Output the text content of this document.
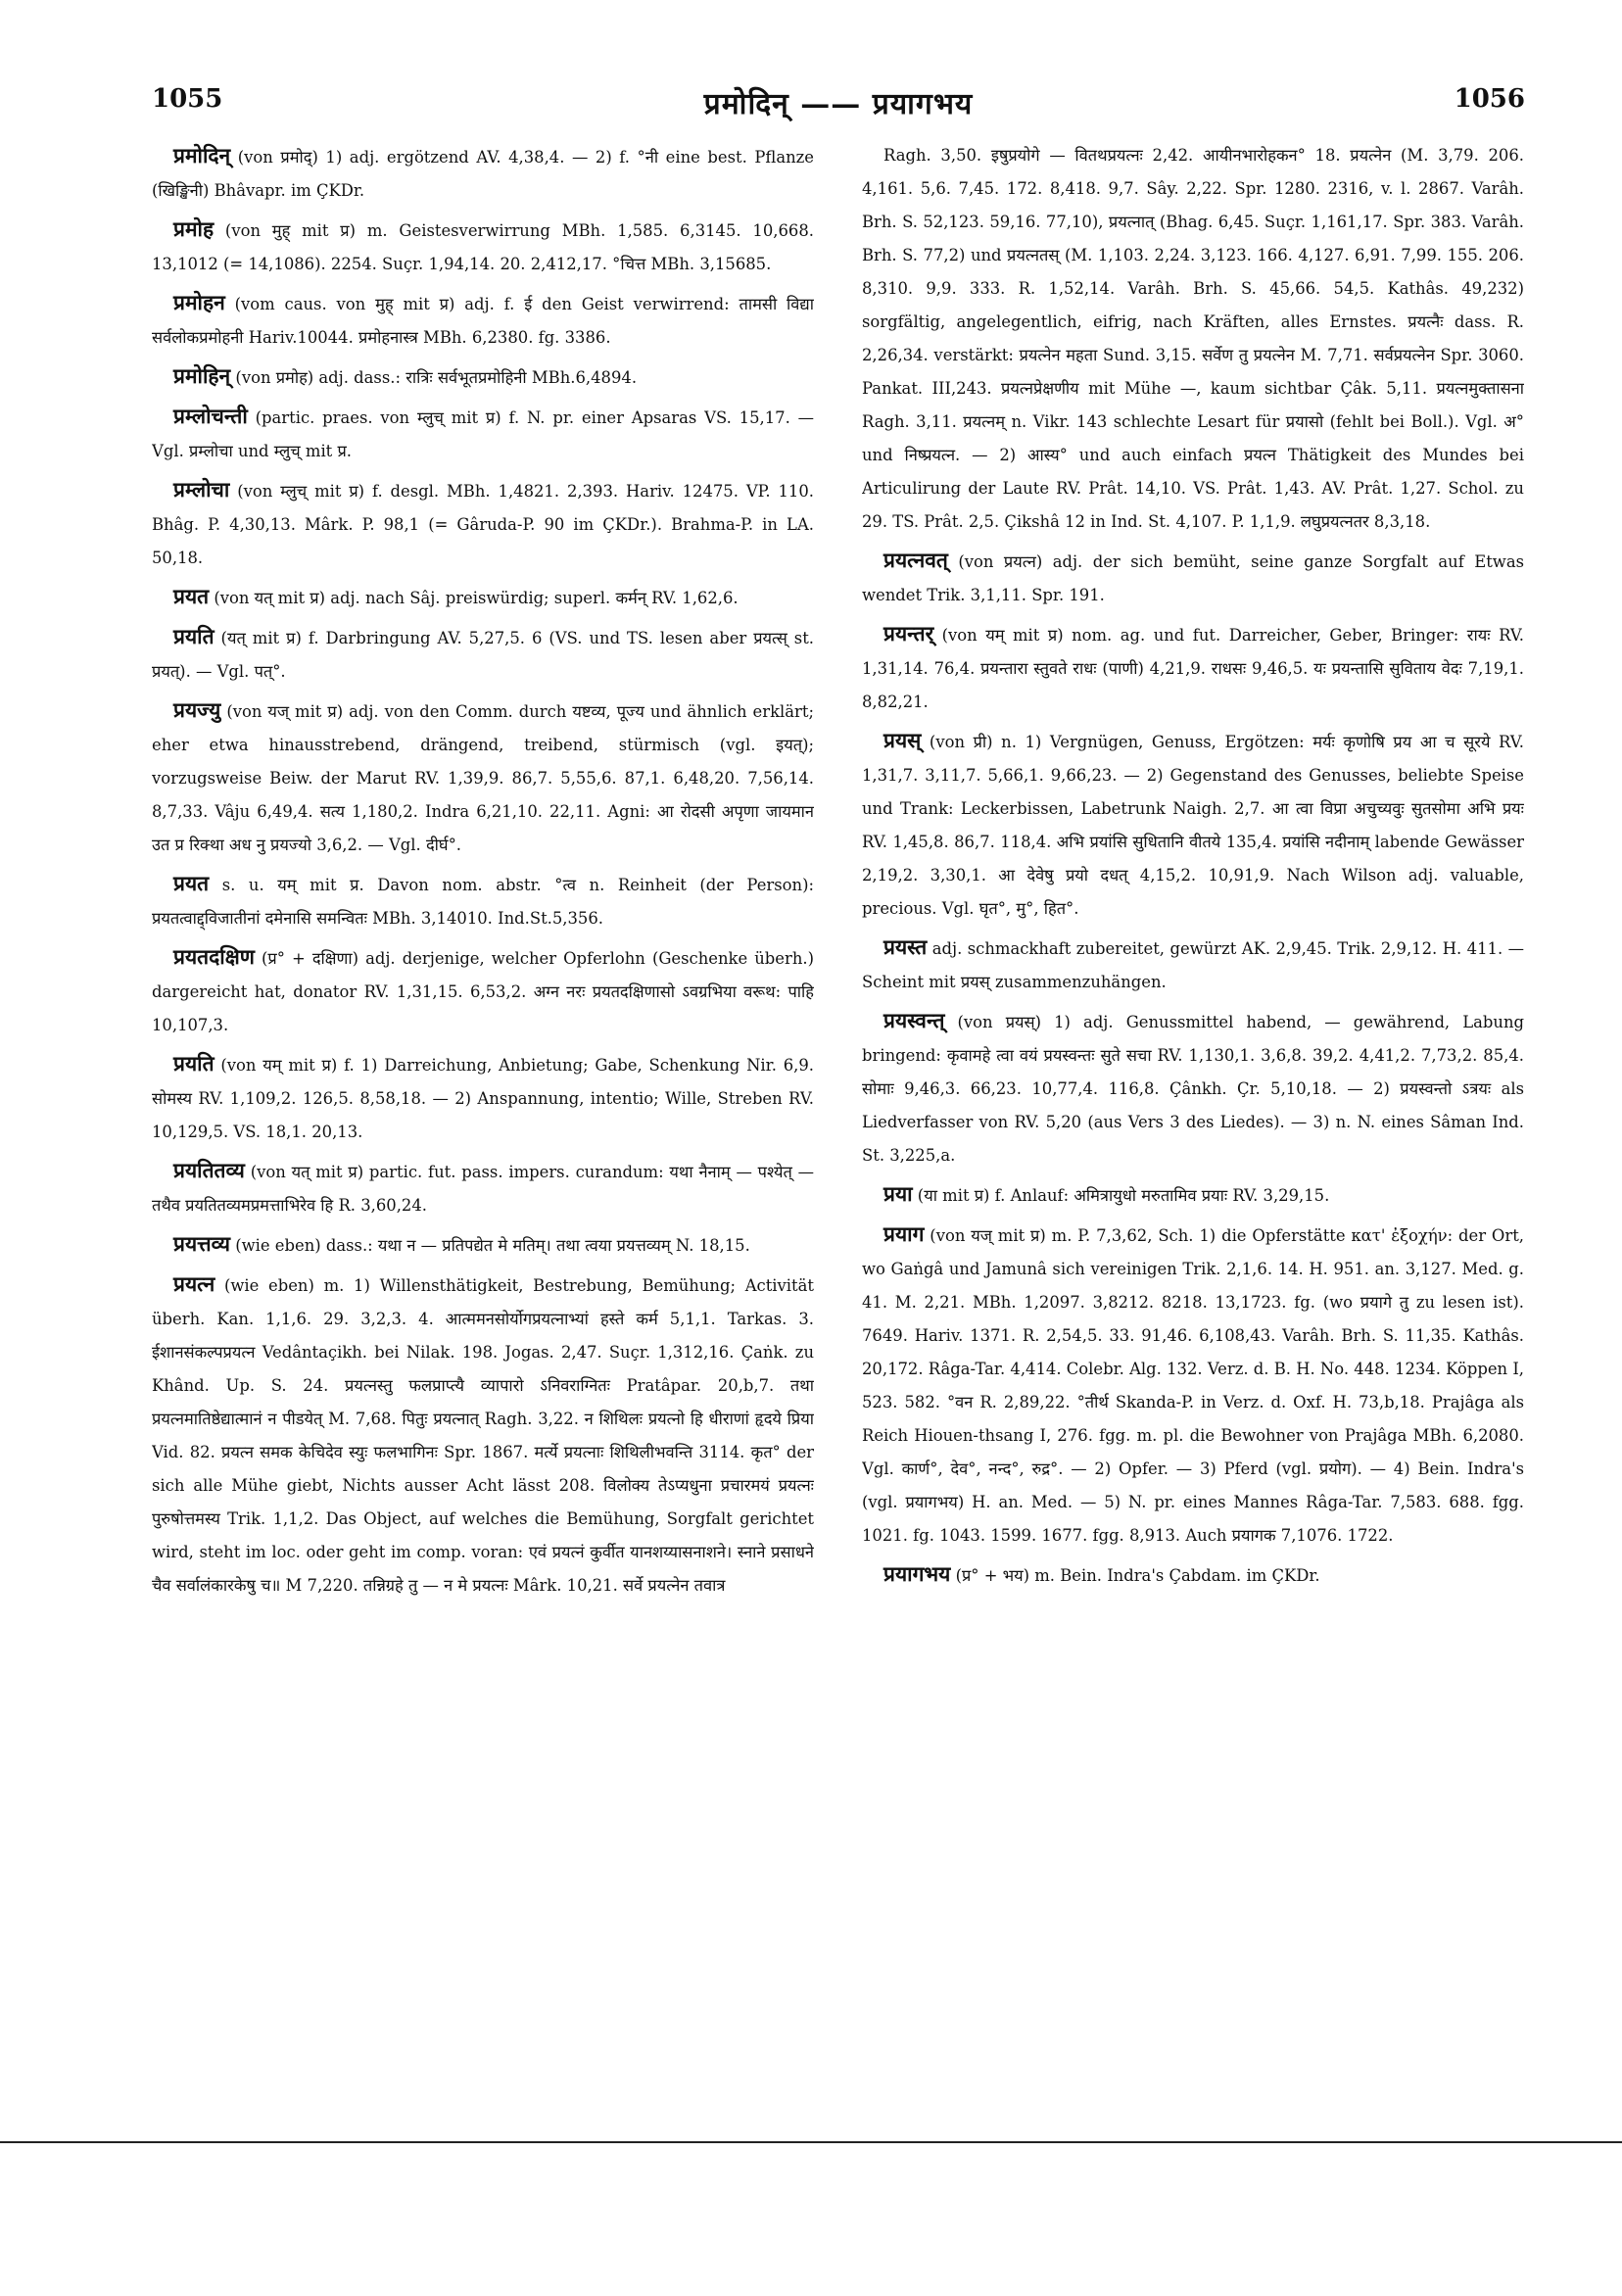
1055	प्रमोदिन् —— प्रयागभय	1056

प्रमोदिन् (von प्रमोद्) 1) adj. ergötzend AV. 4,38,4. — 2) f. °नी eine best. Pflanze (खिङ्खिनी) Bhâvapr. im ÇKDr.

प्रमोह (von मुह् mit प्र) m. Geistesverwirrung MBh. 1,585. 6,3145. 10,668. 13,1012 (= 14,1086). 2254. Suçr. 1,94,14. 20. 2,412,17. °चित्त MBh. 3,15685.

प्रमोहन (vom caus. von मुह् mit प्र) adj. f. ई den Geist verwirrend: तामसी विद्या सर्वलोकप्रमोहनी Hariv.10044. प्रमोहनास्त्र MBh. 6,2380. fg. 3386.

प्रमोहिन् (von प्रमोह) adj. dass.: रात्रिः सर्वभूतप्रमोहिनी MBh.6,4894.

प्रम्लोचन्ती (partic. praes. von म्लुच् mit प्र) f. N. pr. einer Apsaras VS. 15,17. — Vgl. प्रम्लोचा und म्लुच् mit प्र.

प्रम्लोचा (von म्लुच् mit प्र) f. desgl. MBh. 1,4821. 2,393. Hariv. 12475. VP. 110. Bhâg. P. 4,30,13. Mârk. P. 98,1 (= Gâruda-P. 90 im ÇKDr.). Brahma-P. in LA. 50,18.

प्रयत (von यत् mit प्र) adj. nach Sâj. preiswürdig; superl. कर्मन् RV. 1,62,6.

प्रयति (यत् mit प्र) f. Darbringung AV. 5,27,5. 6 (VS. und TS. lesen aber प्रयत्स् st. प्रयत्). — Vgl. पत्°.

प्रयज्यु (von यज् mit प्र) adj. von den Comm. durch यष्टव्य, पूज्य und ähnlich erklärt; eher etwa hinausstrebend, drängend, treibend, stürmisch (vgl. इयत्); vorzugsweise Beiw. der Marut RV. 1,39,9. 86,7. 5,55,6. 87,1. 6,48,20. 7,56,14. 8,7,33. Vâju 6,49,4. सत्य 1,180,2. Indra 6,21,10. 22,11. Agni: आ रोदसी अपृणा जायमान उत प्र रिक्था अध नु प्रयज्यो 3,6,2. — Vgl. दीर्घ°.

प्रयत s. u. यम् mit प्र. Davon nom. abstr. °त्व n. Reinheit (der Person): प्रयतत्वाद्द्विजातीनां दमेनासि समन्वितः MBh. 3,14010. Ind.St.5,356.

प्रयतदक्षिण (प्र° + दक्षिणा) adj. derjenige, welcher Opferlohn (Geschenke überh.) dargereicht hat, donator RV. 1,31,15. 6,53,2. अग्न नरः प्रयतदक्षिणासो ऽवग्रभिया वरूथ: पाहि 10,107,3.

प्रयति (von यम् mit प्र) f. 1) Darreichung, Anbietung; Gabe, Schenkung Nir. 6,9. सोमस्य RV. 1,109,2. 126,5. 8,58,18. — 2) Anspannung, intentio; Wille, Streben RV. 10,129,5. VS. 18,1. 20,13.

प्रयतितव्य (von यत् mit प्र) partic. fut. pass. impers. curandum: यथा नैनाम् — पश्येत् — तथैव प्रयतितव्यमप्रमत्ताभिरेव हि R. 3,60,24.

प्रयत्तव्य (wie eben) dass.: यथा न — प्रतिपद्येत मे मतिम्। तथा त्वया प्रयत्तव्यम् N. 18,15.

प्रयत्न (wie eben) m. 1) Willensthätigkeit, Bestrebung, Bemühung; Activität überh. Kan. 1,1,6. 29. 3,2,3. 4. आत्ममनसोर्योगप्रयत्नाभ्यां हस्ते कर्म 5,1,1. Tarkas. 3. ईशानसंकल्पप्रयत्न Vedântaçikh. bei Nilak. 198. Jogas. 2,47. Suçr. 1,312,16. Çaṅk. zu Khând. Up. S. 24. प्रयत्नस्तु फलप्राप्त्यै व्यापारो ऽनिवराग्नितः Pratâpar. 20,b,7. तथा प्रयत्नमातिष्ठेद्यात्मानं न पीडयेत् M. 7,68. पितुः प्रयत्नात् Ragh. 3,22. न शिथिलः प्रयत्नो हि धीराणां हृदये प्रिया Vid. 82. प्रयत्न समक केचिदेव स्युः फलभागिनः Spr. 1867. मर्त्ये प्रयत्नाः शिथिलीभवन्ति 3114. कृत° der sich alle Mühe giebt, Nichts ausser Acht lässt 208. विलोक्य तेऽप्यधुना प्रचारमयं प्रयत्नः पुरुषोत्तमस्य Trik. 1,1,2. Das Object, auf welches die Bemühung, Sorgfalt gerichtet wird, steht im loc. oder geht im comp. voran: एवं प्रयत्नं कुर्वीत यानशय्यासनाशने। स्नाने प्रसाधने चैव सर्वालंकारकेषु च॥ M 7,220. तन्निग्रहे तु — न मे प्रयत्नः Mârk. 10,21. सर्वे प्रयत्नेन तवात्र

Ragh. 3,50. इषुप्रयोगे — वितथप्रयत्नः 2,42. आयीनभारोहकन° 18. प्रयत्नेन (M. 3,79. 206. 4,161. 5,6. 7,45. 172. 8,418. 9,7. Sây. 2,22. Spr. 1280. 2316, v. l. 2867. Varâh. Brh. S. 52,123. 59,16. 77,10), प्रयत्नात् (Bhag. 6,45. Suçr. 1,161,17. Spr. 383. Varâh. Brh. S. 77,2) und प्रयत्नतस् (M. 1,103. 2,24. 3,123. 166. 4,127. 6,91. 7,99. 155. 206. 8,310. 9,9. 333. R. 1,52,14. Varâh. Brh. S. 45,66. 54,5. Kathâs. 49,232) sorgfältig, angelegentlich, eifrig, nach Kräften, alles Ernstes. प्रयत्नैः dass. R. 2,26,34. verstärkt: प्रयत्नेन महता Sund. 3,15. सर्वेण तु प्रयत्नेन M. 7,71. सर्वप्रयत्नेन Spr. 3060. Pankat. III,243. प्रयत्नप्रेक्षणीय mit Mühe —, kaum sichtbar Çâk. 5,11. प्रयत्नमुक्तासना Ragh. 3,11. प्रयत्नम् n. Vikr. 143 schlechte Lesart für प्रयासो (fehlt bei Boll.). Vgl. अ° und निष्प्रयत्न. — 2) आस्य° und auch einfach प्रयत्न Thätigkeit des Mundes bei Articulirung der Laute RV. Prât. 14,10. VS. Prât. 1,43. AV. Prât. 1,27. Schol. zu 29. TS. Prât. 2,5. Çikshâ 12 in Ind. St. 4,107. P. 1,1,9. लघुप्रयत्नतर 8,3,18.

प्रयत्नवत् (von प्रयत्न) adj. der sich bemüht, seine ganze Sorgfalt auf Etwas wendet Trik. 3,1,11. Spr. 191.

प्रयन्तर् (von यम् mit प्र) nom. ag. und fut. Darreicher, Geber, Bringer: रायः RV. 1,31,14. 76,4. प्रयन्तारा स्तुवते राधः (पाणी) 4,21,9. राधसः 9,46,5. यः प्रयन्तासि सुविताय वेदः 7,19,1. 8,82,21.

प्रयस् (von प्री) n. 1) Vergnügen, Genuss, Ergötzen: मर्यः कृणोषि प्रय आ च सूरये RV. 1,31,7. 3,11,7. 5,66,1. 9,66,23. — 2) Gegenstand des Genusses, beliebte Speise und Trank: Leckerbissen, Labetrunk Naigh. 2,7. आ त्वा विप्रा अचुच्यवुः सुतसोमा अभि प्रयः RV. 1,45,8. 86,7. 118,4. अभि प्रयांसि सुधितानि वीतये 135,4. प्रयांसि नदीनाम् labende Gewässer 2,19,2. 3,30,1. आ देवेषु प्रयो दधत् 4,15,2. 10,91,9. Nach Wilson adj. valuable, precious. Vgl. घृत°, मु°, हित°.

प्रयस्त adj. schmackhaft zubereitet, gewürzt AK. 2,9,45. Trik. 2,9,12. H. 411. — Scheint mit प्रयस् zusammenzuhängen.

प्रयस्वन्त् (von प्रयस्) 1) adj. Genussmittel habend, — gewährend, Labung bringend: कृवामहे त्वा वयं प्रयस्वन्तः सुते सचा RV. 1,130,1. 3,6,8. 39,2. 4,41,2. 7,73,2. 85,4. सोमाः 9,46,3. 66,23. 10,77,4. 116,8. Çânkh. Çr. 5,10,18. — 2) प्रयस्वन्तो ऽत्रयः als Liedverfasser von RV. 5,20 (aus Vers 3 des Liedes). — 3) n. N. eines Sâman Ind. St. 3,225,a.

प्रया (या mit प्र) f. Anlauf: अमित्रायुधो मरुतामिव प्रयाः RV. 3,29,15.

प्रयाग (von यज् mit प्र) m. P. 7,3,62, Sch. 1) die Opferstätte κατ' ἐξοχήν: der Ort, wo Gaṅgâ und Jamunâ sich vereinigen Trik. 2,1,6. 14. H. 951. an. 3,127. Med. g. 41. M. 2,21. MBh. 1,2097. 3,8212. 8218. 13,1723. fg. (wo प्रयागे तु zu lesen ist). 7649. Hariv. 1371. R. 2,54,5. 33. 91,46. 6,108,43. Varâh. Brh. S. 11,35. Kathâs. 20,172. Râga-Tar. 4,414. Colebr. Alg. 132. Verz. d. B. H. No. 448. 1234. Köppen I, 523. 582. °वन R. 2,89,22. °तीर्थ Skanda-P. in Verz. d. Oxf. H. 73,b,18. Prajâga als Reich Hiouen-thsang I, 276. fgg. m. pl. die Bewohner von Prajâga MBh. 6,2080. Vgl. कार्ण°, देव°, नन्द°, रुद्र°. — 2) Opfer. — 3) Pferd (vgl. प्रयोग). — 4) Bein. Indra's (vgl. प्रयागभय) H. an. Med. — 5) N. pr. eines Mannes Râga-Tar. 7,583. 688. fgg. 1021. fg. 1043. 1599. 1677. fgg. 8,913. Auch प्रयागक 7,1076. 1722.

प्रयागभय (प्र° + भय) m. Bein. Indra's Çabdam. im ÇKDr.
